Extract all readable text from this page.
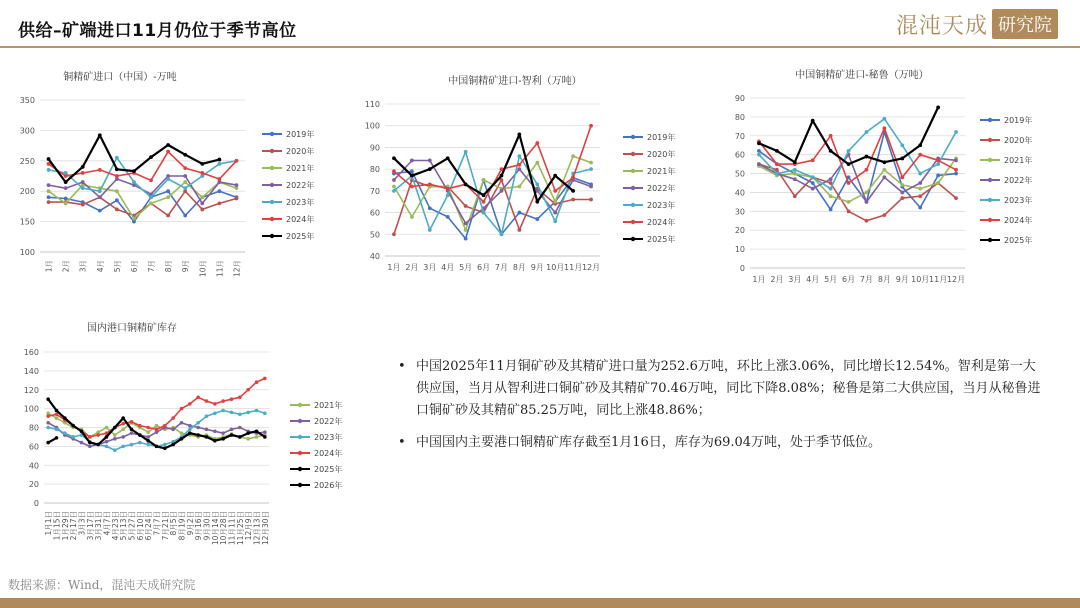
供给–矿端进口11月仍位于季节高位	混沌天成 研究院
铜精矿进口（中国）-万吨
100
150
200
250
300
350
1月 2月 3月 4月 5月 6月 7月 8月 9月 10月 11月 12月
2019年
2020年
2021年
2022年
2023年
2024年
2025年
中国铜精矿进口-智利（万吨）
40
50
60
70
80
90
100
110
1月 2月 3月 4月 5月 6月 7月 8月 9月 10月 11月 12月
2019年
2020年
2021年
2022年
2023年
2024年
2025年
中国铜精矿进口-秘鲁（万吨）
0
10
20
30
40
50
60
70
80
90
1月 2月 3月 4月 5月 6月 7月 8月 9月 10月 11月 12月
2019年
2020年
2021年
2022年
2023年
2024年
2025年
国内港口铜精矿库存
0
20
40
60
80
100
120
140
160
1月1日 1月15日 1月29日 2月17日 3月3日 3月17日 3月31日 4月7日 4月23日 5月13日 5月27日 6月10日 6月24日 7月7日 7月21日 8月5日 8月19日 9月2日 9月16日 9月30日 10月14日 10月28日 11月11日 11月25日 12月9日 12月13日 12月30日
2021年
2022年
2023年
2024年
2025年
2026年
• 中国2025年11月铜矿砂及其精矿进口量为252.6万吨，环比上涨3.06%，同比增长12.54%。智利是第一大供应国，当月从智利进口铜矿砂及其精矿70.46万吨，同比下降8.08%；秘鲁是第二大供应国，当月从秘鲁进口铜矿砂及其精矿85.25万吨，同比上涨48.86%；
• 中国国内主要港口铜精矿库存截至1月16日，库存为69.04万吨，处于季节低位。
数据来源：Wind，混沌天成研究院
